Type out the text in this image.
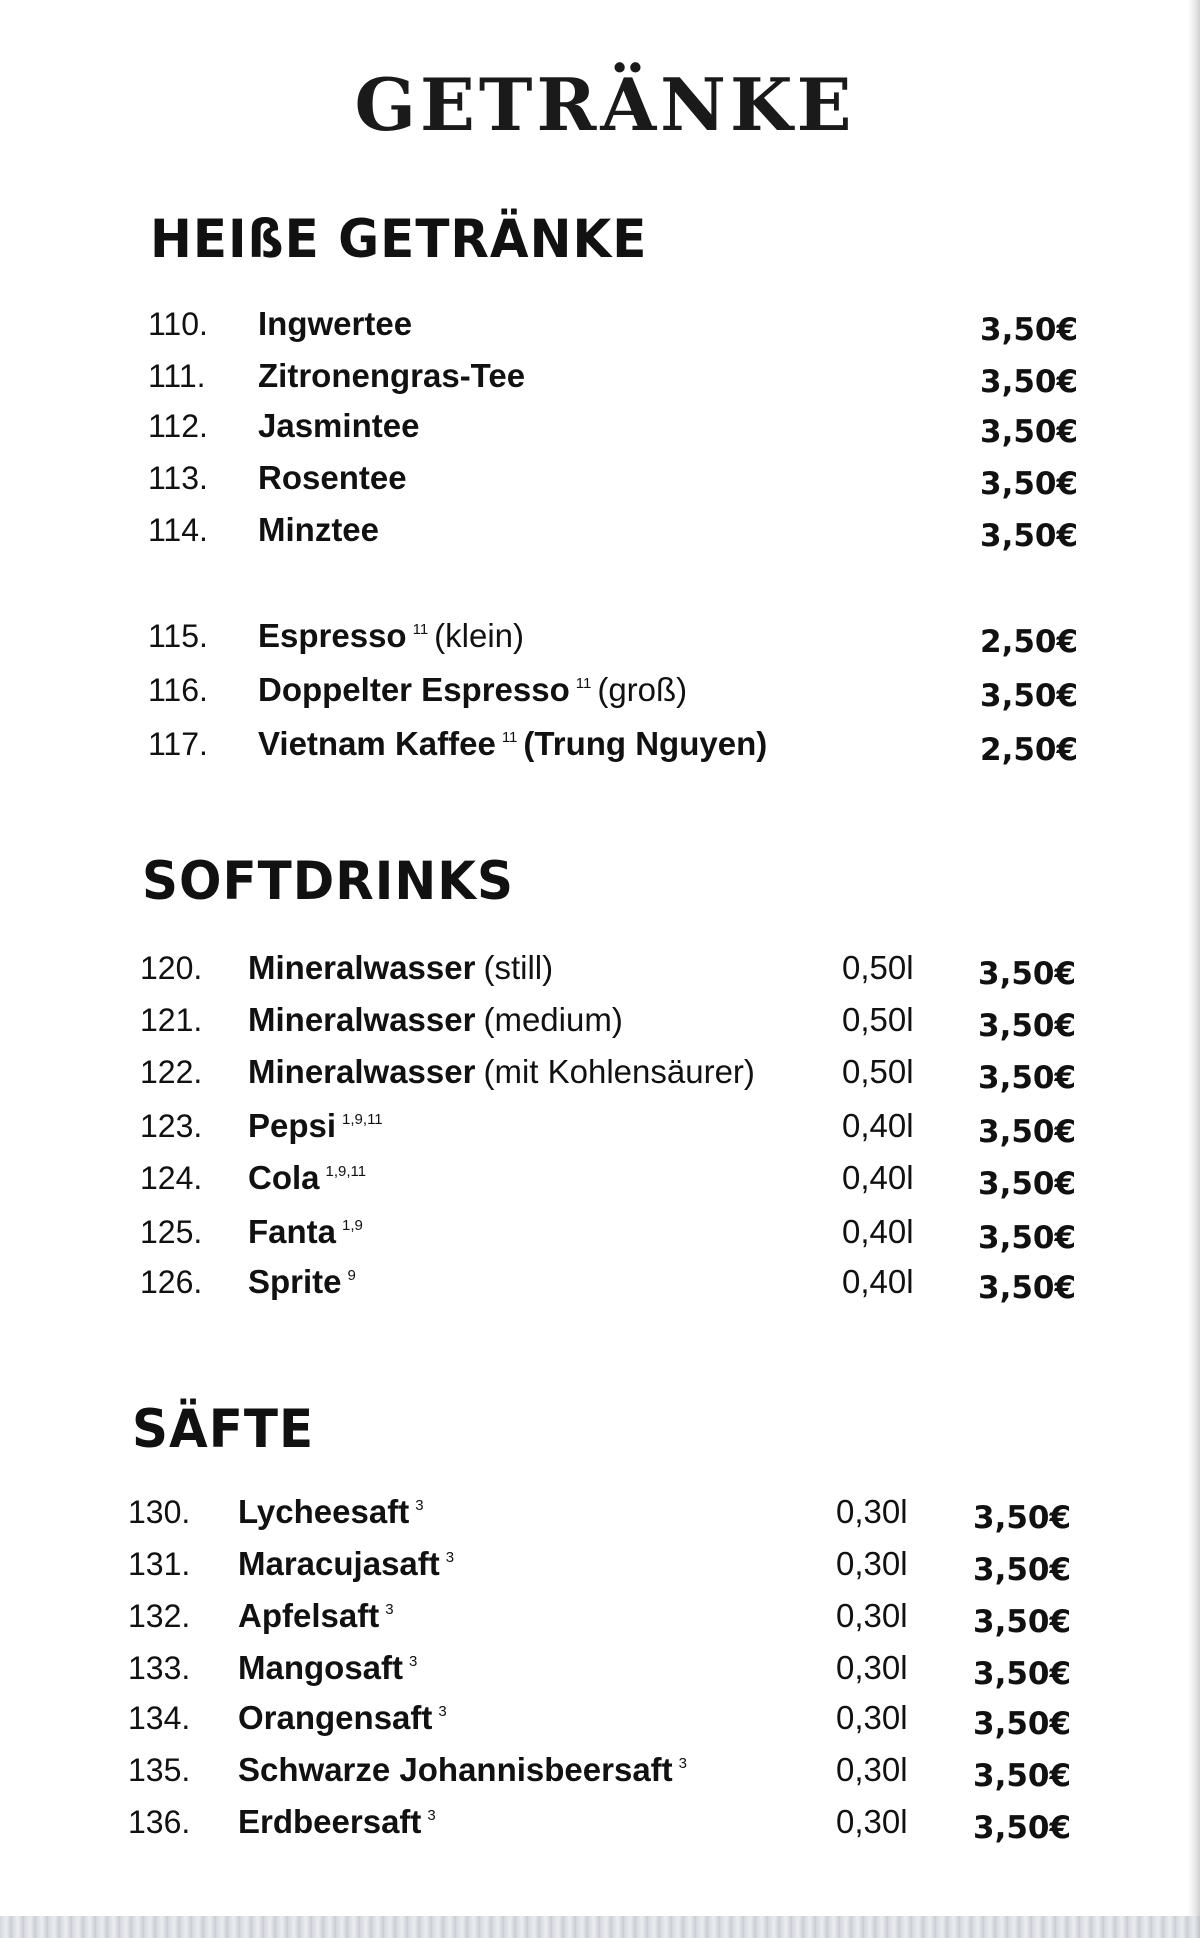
GETRÄNKE
HEIßE GETRÄNKE
SOFTDRINKS
SÄFTE
110. Ingwertee	3,50€
111. Zitronengras-Tee	3,50€
112. Jasmintee	3,50€
113. Rosentee	3,50€
114. Minztee	3,50€
115. Espresso $^{11}$ (klein)	2,50€
116. Doppelter Espresso $^{11}$ (groß)	3,50€
117. Vietnam Kaffee $^{11}$ (Trung Nguyen)	2,50€
120. Mineralwasser (still)	0,50l 3,50€
121. Mineralwasser (medium)	0,50l 3,50€
122. Mineralwasser (mit Kohlensäurer)	0,50l 3,50€
123. Pepsi $^{1,9,11}$	0,40l 3,50€
124. Cola $^{1,9,11}$	0,40l 3,50€
125. Fanta $^{1,9}$	0,40l 3,50€
126. Sprite $^9$	0,40l 3,50€
130. Lycheesaft $^3$	0,30l 3,50€
131. Maracujasaft $^3$	0,30l 3,50€
132. Apfelsaft $^3$	0,30l 3,50€
133. Mangosaft $^3$	0,30l 3,50€
134. Orangensaft $^3$	0,30l 3,50€
135. Schwarze Johannisbeersaft $^3$	0,30l 3,50€
136. Erdbeersaft $^3$	0,30l 3,50€
